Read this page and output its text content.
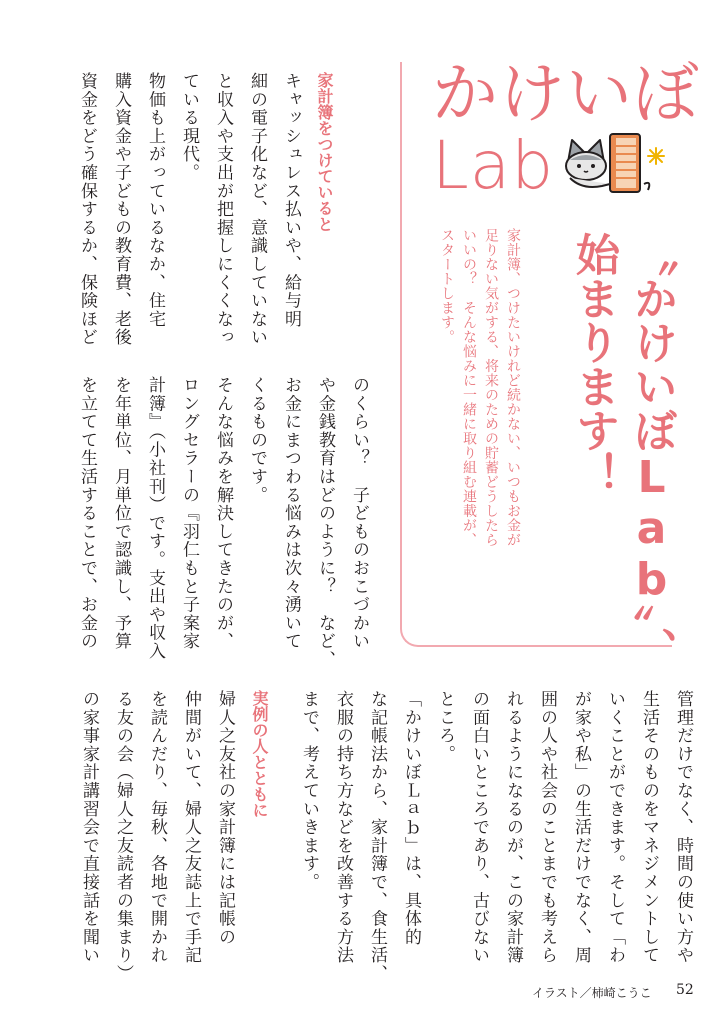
かけいぼ
Lab
〝かけいぼLab〟、
始まります！
家計簿、つけたいけれど続かない、いつもお金が
足りない気がする、将来のための貯蓄どうしたら
いいの？　そんな悩みに一緒に取り組む連載が、
スタートします。
家計簿をつけていると
キャッシュレス払いや、給与明
細の電子化など、意識していない
と収入や支出が把握しにくくなっ
ている現代。
物価も上がっているなか、住宅
購入資金や子どもの教育費、老後
資金をどう確保するか、保険ほど
のくらい？　子どものおこづかい
や金銭教育はどのように？　など、
お金にまつわる悩みは次々湧いて
くるものです。
そんな悩みを解決してきたのが、
ロングセラーの『羽仁もと子案家
計簿』（小社刊）です。支出や収入
を年単位、月単位で認識し、予算
を立てて生活することで、お金の
管理だけでなく、時間の使い方や
生活そのものをマネジメントして
いくことができます。そして「わ
が家や私」の生活だけでなく、周
囲の人や社会のことまでも考えら
れるようになるのが、この家計簿
の面白いところであり、古びない
ところ。
「かけいぼＬａｂ」は、具体的
な記帳法から、家計簿で、食生活、
衣服の持ち方などを改善する方法
まで、考えていきます。
実例の人とともに
婦人之友社の家計簿には記帳の
仲間がいて、婦人之友誌上で手記
を読んだり、毎秋、各地で開かれ
る友の会（婦人之友読者の集まり）
の家事家計講習会で直接話を聞い
イラスト／柿崎こうこ 52
